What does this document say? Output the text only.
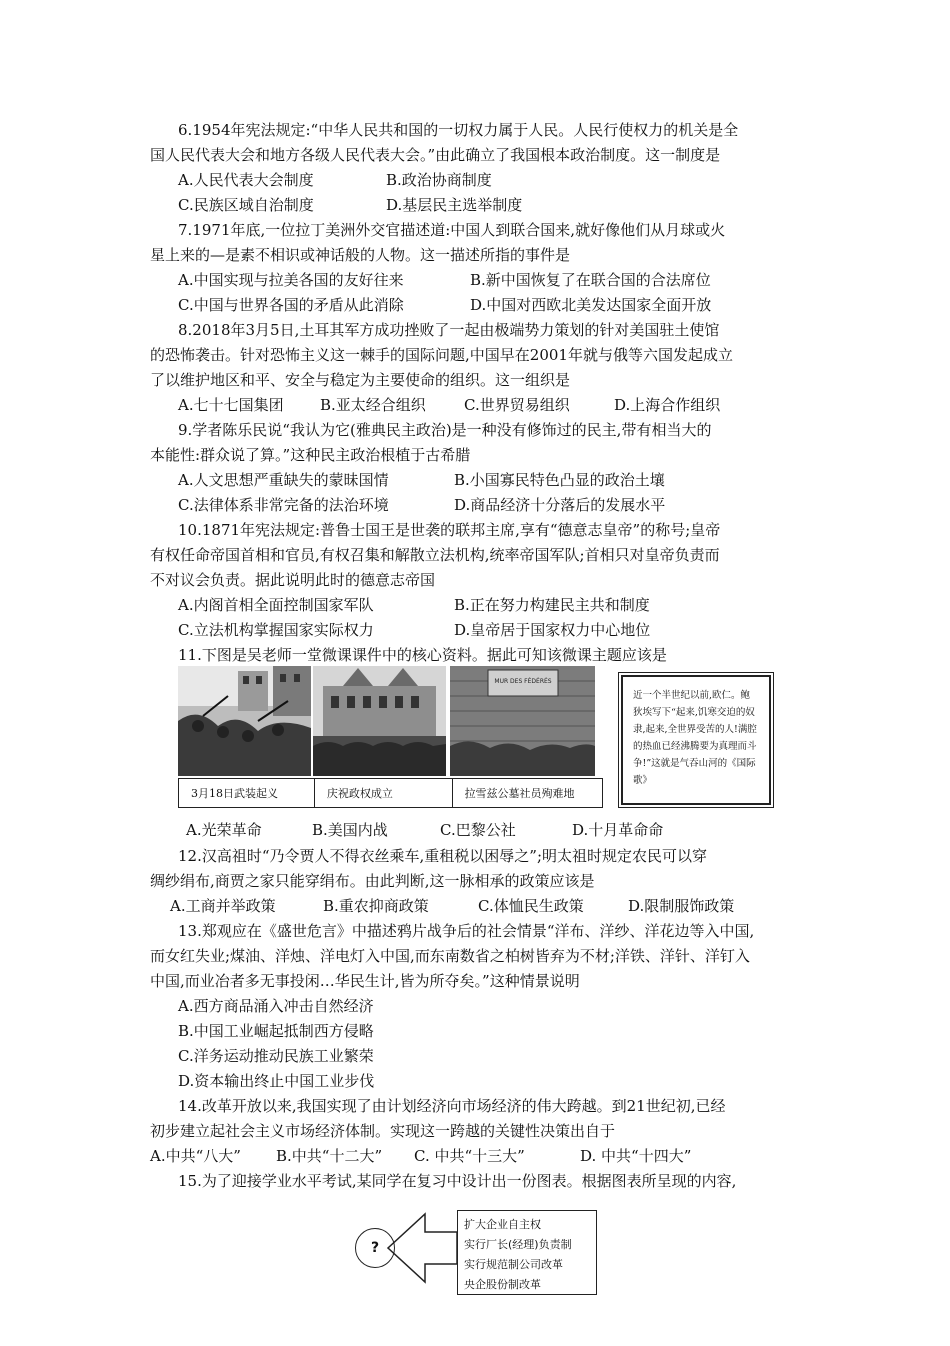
6.1954年宪法规定:“中华人民共和国的一切权力属于人民。人民行使权力的机关是全
国人民代表大会和地方各级人民代表大会。”由此确立了我国根本政治制度。这一制度是
A.人民代表大会制度	B.政治协商制度
C.民族区域自治制度	D.基层民主选举制度
7.1971年底,一位拉丁美洲外交官描述道:中国人到联合国来,就好像他们从月球或火
星上来的—是素不相识或神话般的人物。这一描述所指的事件是
A.中国实现与拉美各国的友好往来	B.新中国恢复了在联合国的合法席位
C.中国与世界各国的矛盾从此消除	D.中国对西欧北美发达国家全面开放
8.2018年3月5日,土耳其军方成功挫败了一起由极端势力策划的针对美国驻土使馆
的恐怖袭击。针对恐怖主义这一棘手的国际问题,中国早在2001年就与俄等六国发起成立
了以维护地区和平、安全与稳定为主要使命的组织。这一组织是
A.七十七国集团 B.亚太经合组织	C.世界贸易组织	D.上海合作组织
9.学者陈乐民说“我认为它(雅典民主政治)是一种没有修饰过的民主,带有相当大的
本能性:群众说了算。”这种民主政治根植于古希腊
A.人文思想严重缺失的蒙昧国情	B.小国寡民特色凸显的政治土壤
C.法律体系非常完备的法治环境	D.商品经济十分落后的发展水平
10.1871年宪法规定:普鲁士国王是世袭的联邦主席,享有“德意志皇帝”的称号;皇帝
有权任命帝国首相和官员,有权召集和解散立法机构,统率帝国军队;首相只对皇帝负责而
不对议会负责。据此说明此时的德意志帝国
A.内阁首相全面控制国家军队	B.正在努力构建民主共和制度
C.立法机构掌握国家实际权力	D.皇帝居于国家权力中心地位
11.下图是吴老师一堂微课课件中的核心资料。据此可知该微课主题应该是
MUR DES FÉDÉRÉS
3月18日武装起义	庆祝政权成立	拉雪兹公墓社员殉难地
近一个半世纪以前,欧仁。鲍狄埃写下“起来,饥寒交迫的奴隶,起来,全世界受苦的人!满腔的热血已经沸腾要为真理而斗争!”这就是气吞山河的《国际歌》
A.光荣革命	B.美国内战	C.巴黎公社	D.十月革命命
12.汉高祖时“乃令贾人不得衣丝乘车,重租税以困辱之”;明太祖时规定农民可以穿
绸纱绢布,商贾之家只能穿绢布。由此判断,这一脉相承的政策应该是
A.工商并举政策	B.重农抑商政策	C.体恤民生政策	D.限制服饰政策
13.郑观应在《盛世危言》中描述鸦片战争后的社会情景“洋布、洋纱、洋花边等入中国,
而女红失业;煤油、洋烛、洋电灯入中国,而东南数省之柏树皆弃为不材;洋铁、洋针、洋钉入
中国,而业冶者多无事投闲…华民生计,皆为所夺矣。”这种情景说明
A.西方商品涌入冲击自然经济
B.中国工业崛起抵制西方侵略
C.洋务运动推动民族工业繁荣
D.资本输出终止中国工业步伐
14.改革开放以来,我国实现了由计划经济向市场经济的伟大跨越。到21世纪初,已经
初步建立起社会主义市场经济体制。实现这一跨越的关键性决策出自于
A.中共“八大” B.中共“十二大” C. 中共“十三大”	D. 中共“十四大”
15.为了迎接学业水平考试,某同学在复习中设计出一份图表。根据图表所呈现的内容,
?
扩大企业自主权
实行厂长(经理)负责制
实行规范制公司改革
央企股份制改革
